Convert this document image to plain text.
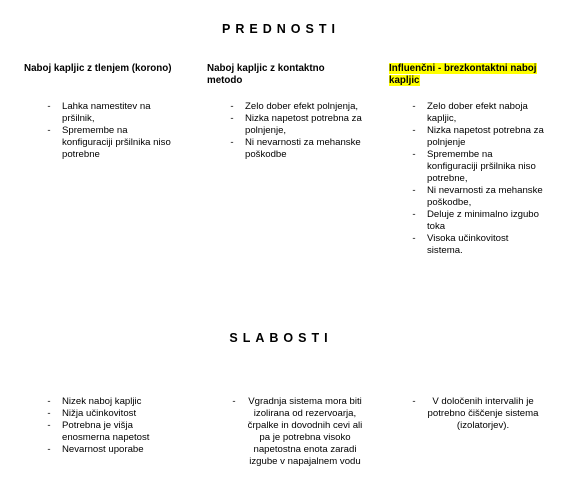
PREDNOSTI
Naboj kapljic z tlenjem (korono)
-	Lahka namestitev na pršilnik,
-	Spremembe na konfiguraciji pršilnika niso potrebne
Naboj kapljic z kontaktno metodo
-	Zelo dober efekt polnjenja,
-	Nizka napetost potrebna za polnjenje,
-	Ni nevarnosti za mehanske poškodbe
Influenčni - brezkontaktni naboj kapljic
-	Zelo dober efekt naboja kapljic,
-	Nizka napetost potrebna za polnjenje
-	Spremembe na konfiguraciji pršilnika niso potrebne,
-	Ni nevarnosti za mehanske poškodbe,
-	Deluje z minimalno izgubo toka
-	Visoka učinkovitost sistema.
SLABOSTI
-	Nizek naboj kapljic
-	Nižja učinkovitost
-	Potrebna je višja enosmerna napetost
-	Nevarnost uporabe
-	Vgradnja sistema mora biti izolirana od rezervoarja, črpalke in dovodnih cevi ali pa je potrebna visoko napetostna enota zaradi izgube v napajalnem vodu
-	V določenih intervalih je potrebno čiščenje sistema (izolatorjev).
